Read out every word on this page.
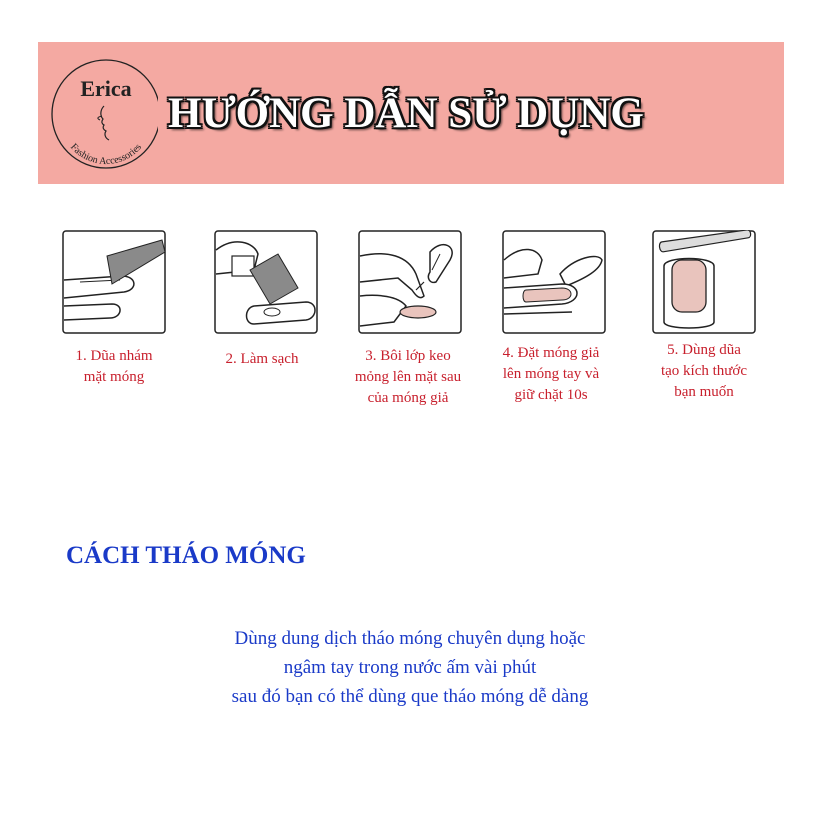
Erica
Fashion Accessories
HƯỚNG DẪN SỬ DỤNG
1. Dũa nhám
mặt móng
2. Làm sạch	3. Bôi lớp keo
mỏng lên mặt sau
của móng giả
4. Đặt móng giả
lên móng tay và
giữ chặt 10s
5. Dùng dũa
tạo kích thước
bạn muốn
CÁCH THÁO MÓNG
Dùng dung dịch tháo móng chuyên dụng hoặc
ngâm tay trong nước ấm vài phút
sau đó bạn có thể dùng que tháo móng dễ dàng
